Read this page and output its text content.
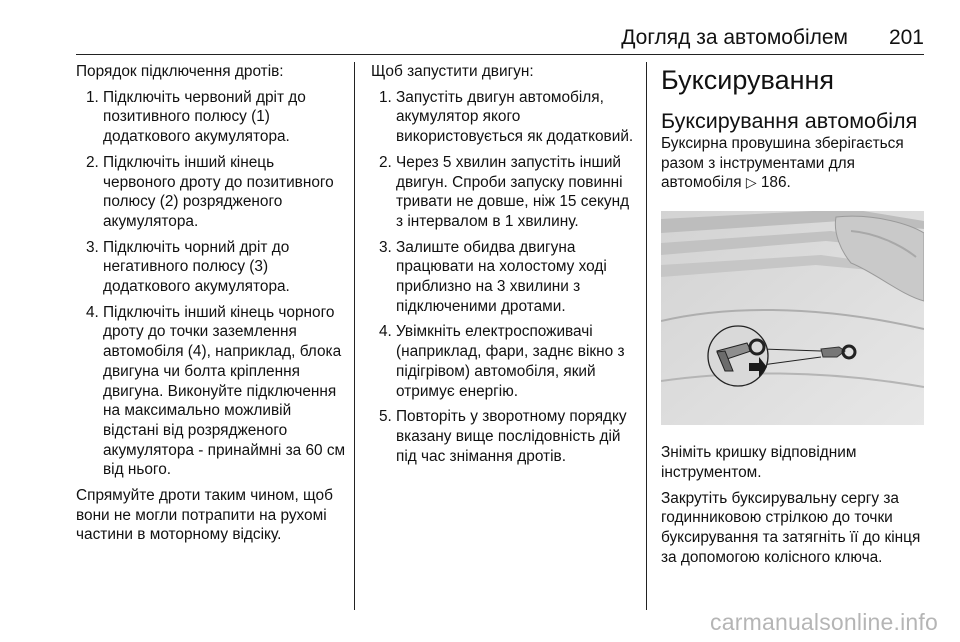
Догляд за автомобілем 201

Порядок підключення дротів:

1. Підключіть червоний дріт до позитивного полюсу (1) додаткового акумулятора.
2. Підключіть інший кінець червоного дроту до позитивного полюсу (2) розрядженого акумулятора.
3. Підключіть чорний дріт до негативного полюсу (3) додаткового акумулятора.
4. Підключіть інший кінець чорного дроту до точки заземлення автомобіля (4), наприклад, блока двигуна чи болта кріплення двигуна. Виконуйте підключення на максимально можливій відстані від розрядженого акумулятора - принаймні за 60 см від нього.

Спрямуйте дроти таким чином, щоб вони не могли потрапити на рухомі частини в моторному відсіку.

Щоб запустити двигун:

1. Запустіть двигун автомобіля, акумулятор якого використовується як додатковий.
2. Через 5 хвилин запустіть інший двигун. Спроби запуску повинні тривати не довше, ніж 15 секунд з інтервалом в 1 хвилину.
3. Залиште обидва двигуна працювати на холостому ході приблизно на 3 хвилини з підключеними дротами.
4. Увімкніть електроспоживачі (наприклад, фари, заднє вікно з підігрівом) автомобіля, який отримує енергію.
5. Повторіть у зворотному порядку вказану вище послідовність дій під час знімання дротів.
Буксирування
Буксирування автомобіля

Буксирна провушина зберігається разом з інструментами для автомобіля ▷ 186.

Зніміть кришку відповідним інструментом.

Закрутіть буксирувальну сергу за годинниковою стрілкою до точки буксирування та затягніть її до кінця за допомогою колісного ключа.

carmanualsonline.info
